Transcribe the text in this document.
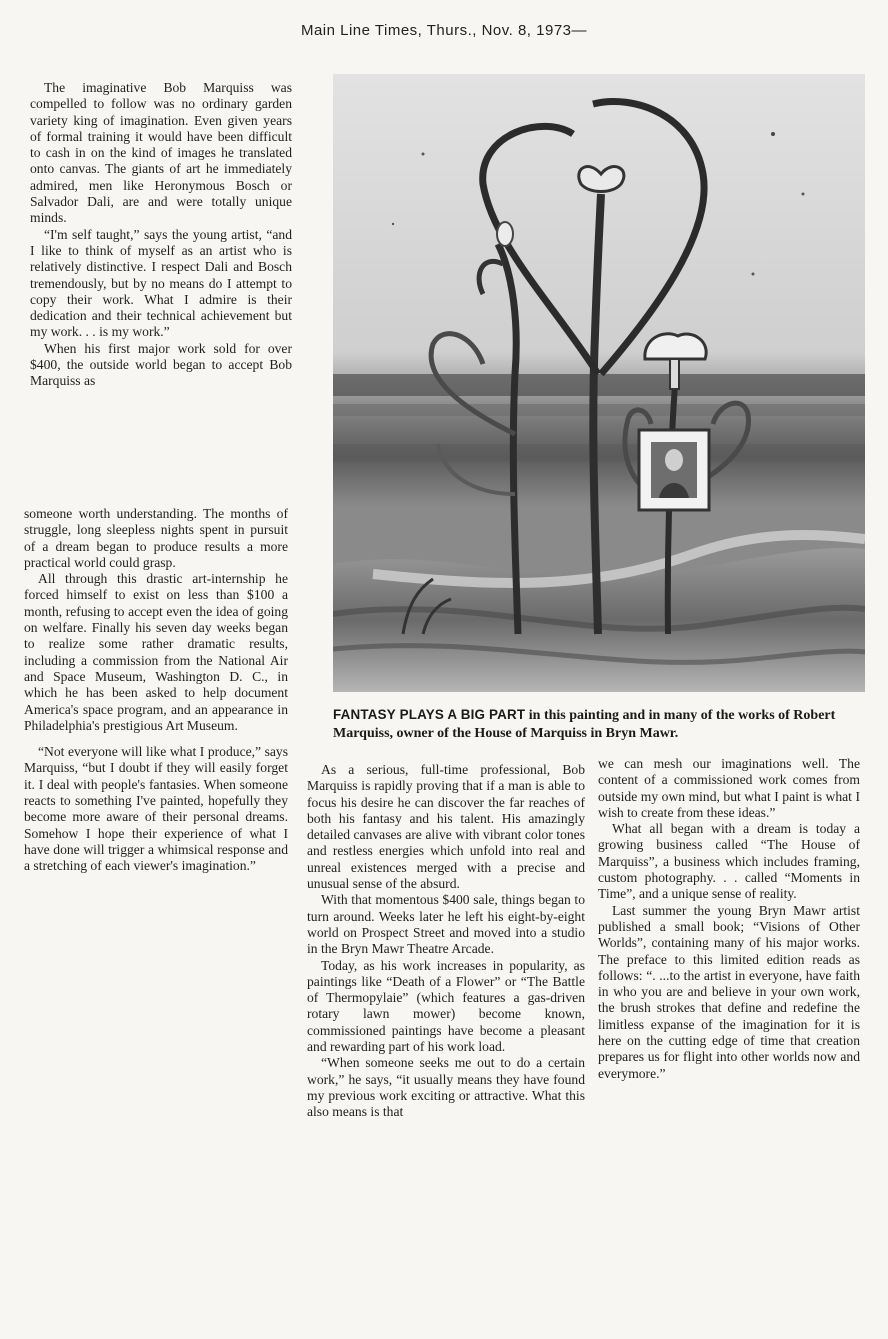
Main Line Times, Thurs., Nov. 8, 1973—

The imaginative Bob Marquiss was compelled to follow was no ordinary garden variety king of imagination. Even given years of formal training it would have been difficult to cash in on the kind of images he translated onto canvas. The giants of art he immediately admired, men like Heronymous Bosch or Salvador Dali, are and were totally unique minds.

“I'm self taught,” says the young artist, “and I like to think of myself as an artist who is relatively distinctive. I respect Dali and Bosch tremendously, but by no means do I attempt to copy their work. What I admire is their dedication and their technical achievement but my work. . . is my work.”

When his first major work sold for over $400, the outside world began to accept Bob Marquiss as

someone worth understanding. The months of struggle, long sleepless nights spent in pursuit of a dream began to produce results a more practical world could grasp.

All through this drastic art-internship he forced himself to exist on less than $100 a month, refusing to accept even the idea of going on welfare. Finally his seven day weeks began to realize some rather dramatic results, including a commission from the National Air and Space Museum, Washington D. C., in which he has been asked to help document America's space program, and an appearance in Philadelphia's prestigious Art Museum.

“Not everyone will like what I produce,” says Marquiss, “but I doubt if they will easily forget it. I deal with people's fantasies. When someone reacts to something I've painted, hopefully they become more aware of their personal dreams. Somehow I hope their experience of what I have done will trigger a whimsical response and a stretching of each viewer's imagination.”

FANTASY PLAYS A BIG PART in this painting and in many of the works of Robert Marquiss, owner of the House of Marquiss in Bryn Mawr.

As a serious, full-time professional, Bob Marquiss is rapidly proving that if a man is able to focus his desire he can discover the far reaches of both his fantasy and his talent. His amazingly detailed canvases are alive with vibrant color tones and restless energies which unfold into real and unreal existences merged with a precise and unusual sense of the absurd.

With that momentous $400 sale, things began to turn around. Weeks later he left his eight-by-eight world on Prospect Street and moved into a studio in the Bryn Mawr Theatre Arcade.

Today, as his work increases in popularity, as paintings like “Death of a Flower” or “The Battle of Thermopylaie” (which features a gas-driven rotary lawn mower) become known, commissioned paintings have become a pleasant and rewarding part of his work load.

“When someone seeks me out to do a certain work,” he says, “it usually means they have found my previous work exciting or attractive. What this also means is that

we can mesh our imaginations well. The content of a commissioned work comes from outside my own mind, but what I paint is what I wish to create from these ideas.”

What all began with a dream is today a growing business called “The House of Marquiss”, a business which includes framing, custom photography. . . called “Moments in Time”, and a unique sense of reality.

Last summer the young Bryn Mawr artist published a small book; “Visions of Other Worlds”, containing many of his major works. The preface to this limited edition reads as follows: “. ...to the artist in everyone, have faith in who you are and believe in your own work, the brush strokes that define and redefine the limitless expanse of the imagination for it is here on the cutting edge of time that creation prepares us for flight into other worlds now and everymore.”
